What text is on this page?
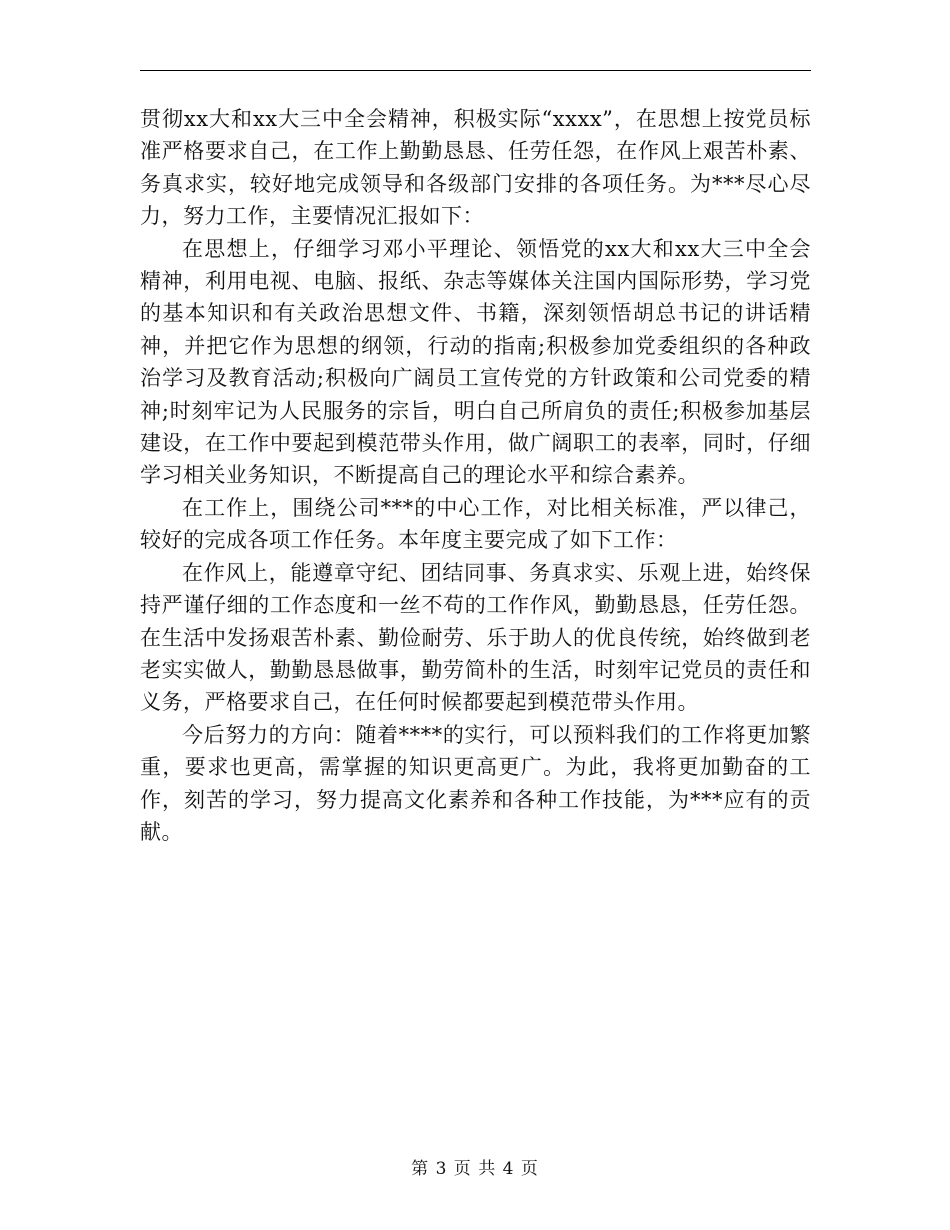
贯彻xx大和xx大三中全会精神，积极实际“xxxx”，在思想上按党员标准严格要求自己，在工作上勤勤恳恳、任劳任怨，在作风上艰苦朴素、务真求实，较好地完成领导和各级部门安排的各项任务。为***尽心尽力，努力工作，主要情况汇报如下：

在思想上，仔细学习邓小平理论、领悟党的xx大和xx大三中全会精神，利用电视、电脑、报纸、杂志等媒体关注国内国际形势，学习党的基本知识和有关政治思想文件、书籍，深刻领悟胡总书记的讲话精神，并把它作为思想的纲领，行动的指南;积极参加党委组织的各种政治学习及教育活动;积极向广阔员工宣传党的方针政策和公司党委的精神;时刻牢记为人民服务的宗旨，明白自己所肩负的责任;积极参加基层建设，在工作中要起到模范带头作用，做广阔职工的表率，同时，仔细学习相关业务知识，不断提高自己的理论水平和综合素养。

在工作上，围绕公司***的中心工作，对比相关标准，严以律己，较好的完成各项工作任务。本年度主要完成了如下工作：

在作风上，能遵章守纪、团结同事、务真求实、乐观上进，始终保持严谨仔细的工作态度和一丝不苟的工作作风，勤勤恳恳，任劳任怨。在生活中发扬艰苦朴素、勤俭耐劳、乐于助人的优良传统，始终做到老老实实做人，勤勤恳恳做事，勤劳简朴的生活，时刻牢记党员的责任和义务，严格要求自己，在任何时候都要起到模范带头作用。

今后努力的方向：随着****的实行，可以预料我们的工作将更加繁重，要求也更高，需掌握的知识更高更广。为此，我将更加勤奋的工作，刻苦的学习，努力提高文化素养和各种工作技能，为***应有的贡献。

第 3 页 共 4 页
